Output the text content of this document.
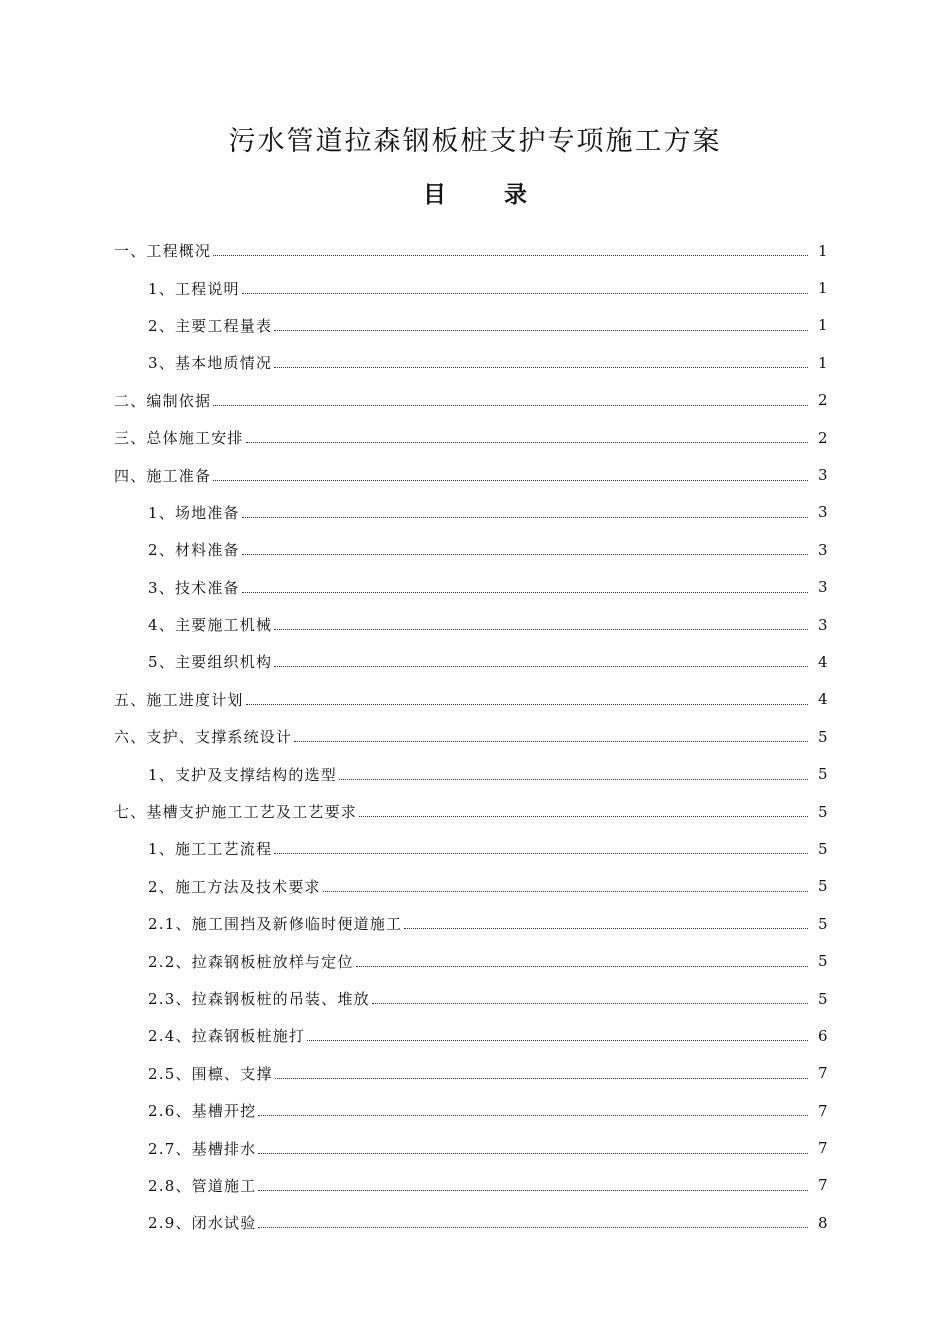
污水管道拉森钢板桩支护专项施工方案
目	录
一、工程概况	1
1、工程说明	1
2、主要工程量表	1
3、基本地质情况	1
二、编制依据	2
三、总体施工安排	2
四、施工准备	3
1、场地准备	3
2、材料准备	3
3、技术准备	3
4、主要施工机械	3
5、主要组织机构	4
五、施工进度计划	4
六、支护、支撑系统设计	5
1、支护及支撑结构的选型	5
七、基槽支护施工工艺及工艺要求	5
1、施工工艺流程	5
2、施工方法及技术要求	5
2.1、施工围挡及新修临时便道施工	5
2.2、拉森钢板桩放样与定位	5
2.3、拉森钢板桩的吊装、堆放	5
2.4、拉森钢板桩施打	6
2.5、围檩、支撑	7
2.6、基槽开挖	7
2.7、基槽排水	7
2.8、管道施工	7
2.9、闭水试验	8
